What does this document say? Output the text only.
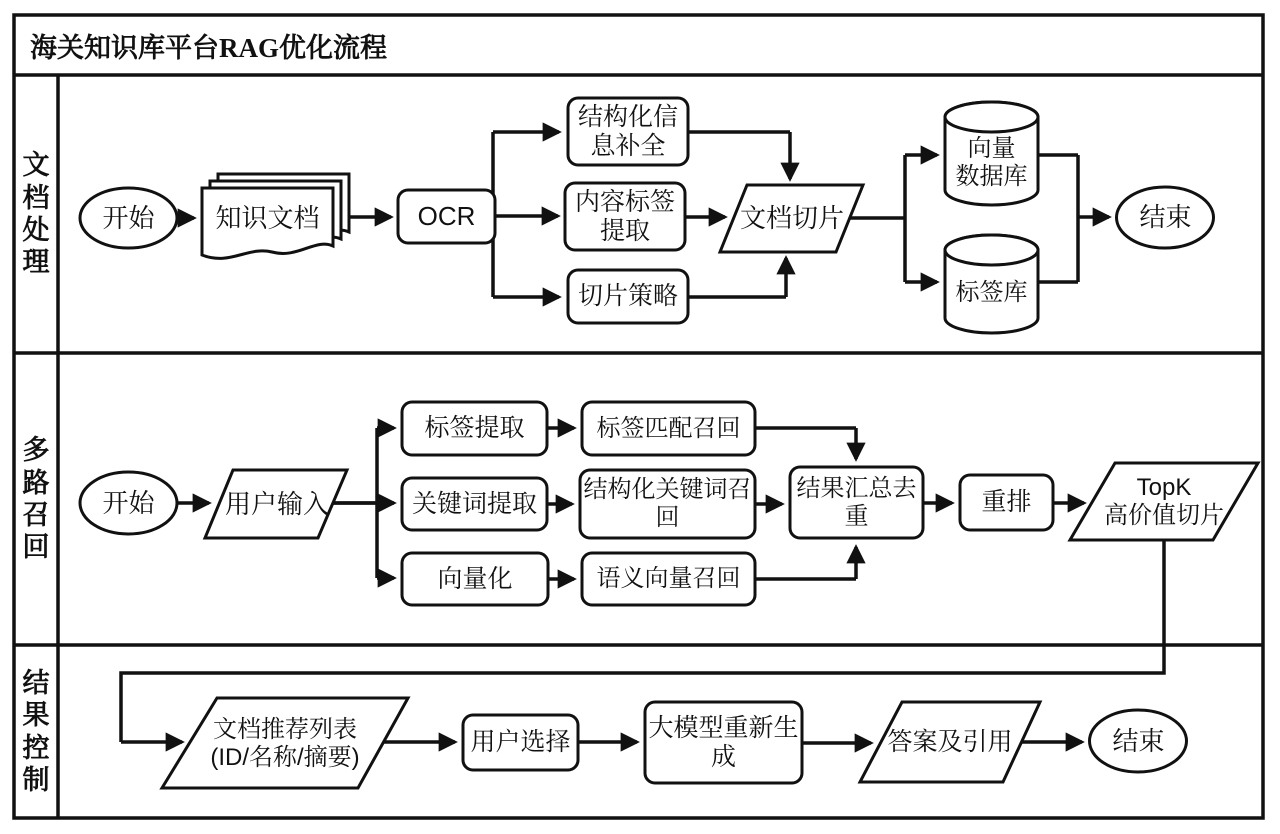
海关知识库平台RAG优化流程
文档处理
多路召回
结果控制
开始 知识文档	OCR
结构化信
息补全
内容标签
提取
切片策略
文档切片
向量
数据库
标签库
结束
开始	用户输入
标签提取
关键词提取
向量化
标签匹配召回
结构化关键词召
回
语义向量召回
结果汇总去
重	重排
TopK
高价值切片
文档推荐列表
(ID/名称/摘要)
用户选择
大模型重新生
成
答案及引用	结束
